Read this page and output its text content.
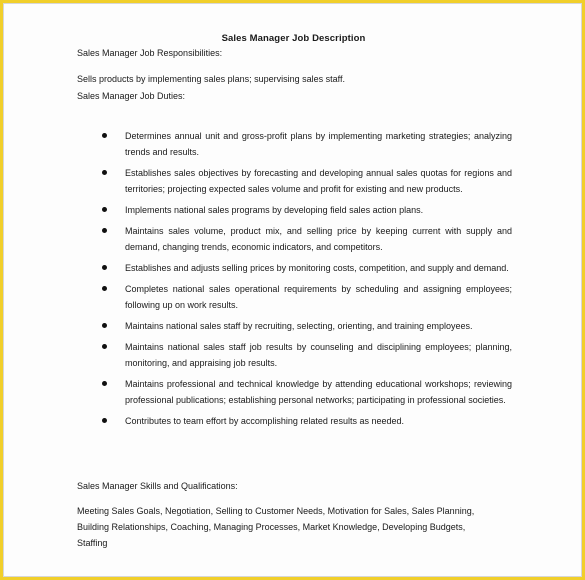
Sales Manager Job Description
Sales Manager Job Responsibilities:
Sells products by implementing sales plans; supervising sales staff.
Sales Manager Job Duties:
Determines annual unit and gross-profit plans by implementing marketing strategies; analyzing trends and results.
Establishes sales objectives by forecasting and developing annual sales quotas for regions and territories; projecting expected sales volume and profit for existing and new products.
Implements national sales programs by developing field sales action plans.
Maintains sales volume, product mix, and selling price by keeping current with supply and demand, changing trends, economic indicators, and competitors.
Establishes and adjusts selling prices by monitoring costs, competition, and supply and demand.
Completes national sales operational requirements by scheduling and assigning employees; following up on work results.
Maintains national sales staff by recruiting, selecting, orienting, and training employees.
Maintains national sales staff job results by counseling and disciplining employees; planning, monitoring, and appraising job results.
Maintains professional and technical knowledge by attending educational workshops; reviewing professional publications; establishing personal networks; participating in professional societies.
Contributes to team effort by accomplishing related results as needed.
Sales Manager Skills and Qualifications:
Meeting Sales Goals, Negotiation, Selling to Customer Needs, Motivation for Sales, Sales Planning, Building Relationships, Coaching, Managing Processes, Market Knowledge, Developing Budgets, Staffing
